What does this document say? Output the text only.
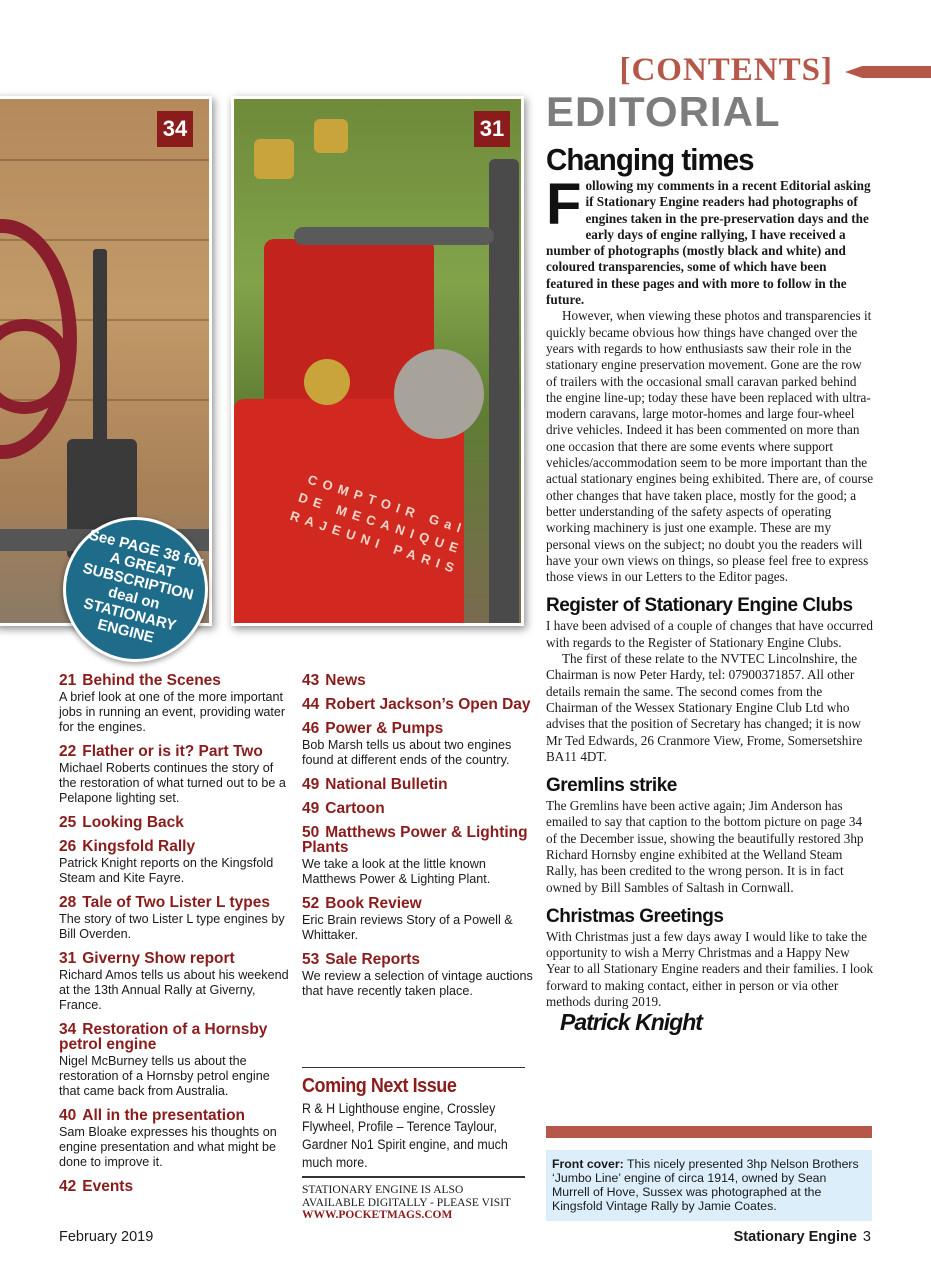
[CONTENTS]
34
COMPTOIR Gal DE MECANIQUE RAJEUNI PARIS
31
See PAGE 38 for A GREAT SUBSCRIPTION deal on STATIONARY ENGINE
EDITORIAL
Changing times

Following my comments in a recent Editorial asking if Stationary Engine readers had photographs of engines taken in the pre-preservation days and the early days of engine rallying, I have received a number of photographs (mostly black and white) and coloured transparencies, some of which have been featured in these pages and with more to follow in the future.

However, when viewing these photos and transparencies it quickly became obvious how things have changed over the years with regards to how enthusiasts saw their role in the stationary engine preservation movement. Gone are the row of trailers with the occasional small caravan parked behind the engine line-up; today these have been replaced with ultra-modern caravans, large motor-homes and large four-wheel drive vehicles. Indeed it has been commented on more than one occasion that there are some events where support vehicles/accommodation seem to be more important than the actual stationary engines being exhibited. There are, of course other changes that have taken place, mostly for the good; a better understanding of the safety aspects of operating working machinery is just one example. These are my personal views on the subject; no doubt you the readers will have your own views on things, so please feel free to express those views in our Letters to the Editor pages.

Register of Stationary Engine Clubs

I have been advised of a couple of changes that have occurred with regards to the Register of Stationary Engine Clubs.

The first of these relate to the NVTEC Lincolnshire, the Chairman is now Peter Hardy, tel: 07900371857. All other details remain the same. The second comes from the Chairman of the Wessex Stationary Engine Club Ltd who advises that the position of Secretary has changed; it is now Mr Ted Edwards, 26 Cranmore View, Frome, Somersetshire BA11 4DT.

Gremlins strike

The Gremlins have been active again; Jim Anderson has emailed to say that caption to the bottom picture on page 34 of the December issue, showing the beautifully restored 3hp Richard Hornsby engine exhibited at the Welland Steam Rally, has been credited to the wrong person. It is in fact owned by Bill Sambles of Saltash in Cornwall.

Christmas Greetings

With Christmas just a few days away I would like to take the opportunity to wish a Merry Christmas and a Happy New Year to all Stationary Engine readers and their families. I look forward to making contact, either in person or via other methods during 2019.

Patrick Knight
Front cover: This nicely presented 3hp Nelson Brothers ‘Jumbo Line’ engine of circa 1914, owned by Sean Murrell of Hove, Sussex was photographed at the Kingsfold Vintage Rally by Jamie Coates.
21 Behind the Scenes
A brief look at one of the more important jobs in running an event, providing water for the engines.
22 Flather or is it? Part Two
Michael Roberts continues the story of the restoration of what turned out to be a Pelapone lighting set.
25 Looking Back
26 Kingsfold Rally
Patrick Knight reports on the Kingsfold Steam and Kite Fayre.
28 Tale of Two Lister L types
The story of two Lister L type engines by Bill Overden.
31 Giverny Show report
Richard Amos tells us about his weekend at the 13th Annual Rally at Giverny, France.
34 Restoration of a Hornsby petrol engine
Nigel McBurney tells us about the restoration of a Hornsby petrol engine that came back from Australia.
40 All in the presentation
Sam Bloake expresses his thoughts on engine presentation and what might be done to improve it.
42 Events
43 News
44 Robert Jackson’s Open Day
46 Power & Pumps
Bob Marsh tells us about two engines found at different ends of the country.
49 National Bulletin
49 Cartoon
50 Matthews Power & Lighting Plants
We take a look at the little known Matthews Power & Lighting Plant.
52 Book Review
Eric Brain reviews Story of a Powell & Whittaker.
53 Sale Reports
We review a selection of vintage auctions that have recently taken place.
Coming Next Issue
R & H Lighthouse engine, Crossley Flywheel, Profile – Terence Taylour, Gardner No1 Spirit engine, and much much more.
STATIONARY ENGINE IS ALSO AVAILABLE DIGITALLY - PLEASE VISIT
WWW.POCKETMAGS.COM
February 2019	Stationary Engine 3
